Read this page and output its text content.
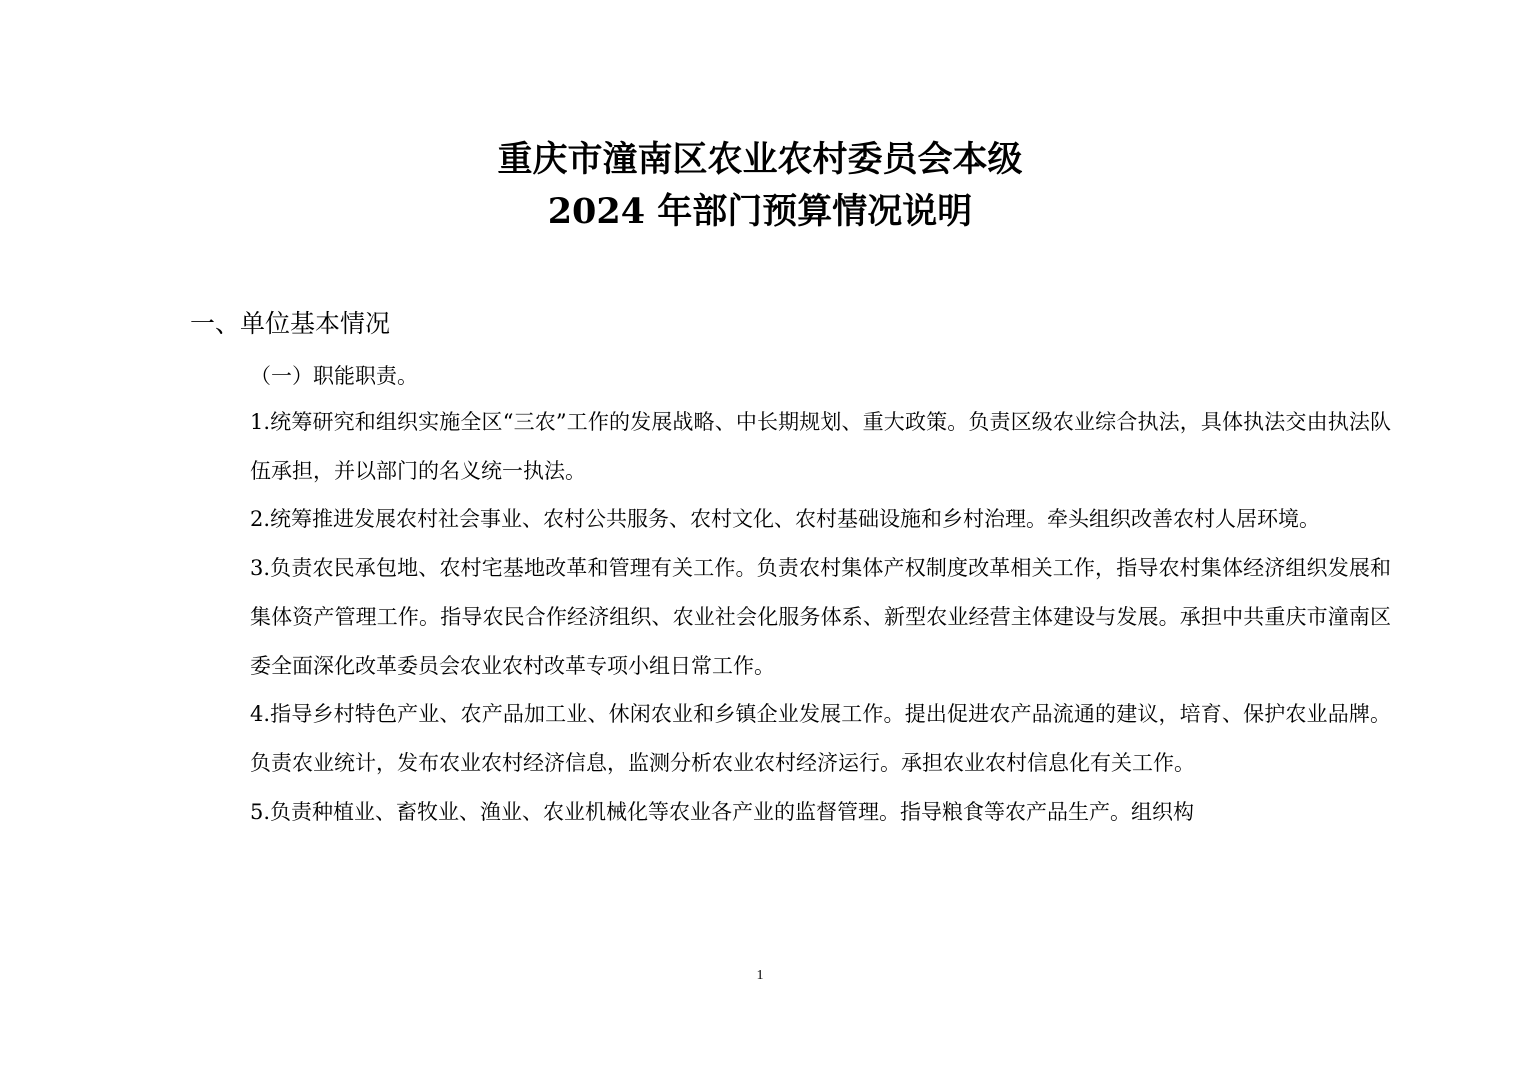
重庆市潼南区农业农村委员会本级
2024 年部门预算情况说明
一、单位基本情况
（一）职能职责。

1.统筹研究和组织实施全区“三农”工作的发展战略、中长期规划、重大政策。负责区级农业综合执法，具体执法交由执法队伍承担，并以部门的名义统一执法。

2.统筹推进发展农村社会事业、农村公共服务、农村文化、农村基础设施和乡村治理。牵头组织改善农村人居环境。

3.负责农民承包地、农村宅基地改革和管理有关工作。负责农村集体产权制度改革相关工作，指导农村集体经济组织发展和集体资产管理工作。指导农民合作经济组织、农业社会化服务体系、新型农业经营主体建设与发展。承担中共重庆市潼南区委全面深化改革委员会农业农村改革专项小组日常工作。

4.指导乡村特色产业、农产品加工业、休闲农业和乡镇企业发展工作。提出促进农产品流通的建议，培育、保护农业品牌。负责农业统计，发布农业农村经济信息，监测分析农业农村经济运行。承担农业农村信息化有关工作。

5.负责种植业、畜牧业、渔业、农业机械化等农业各产业的监督管理。指导粮食等农产品生产。组织构

1
